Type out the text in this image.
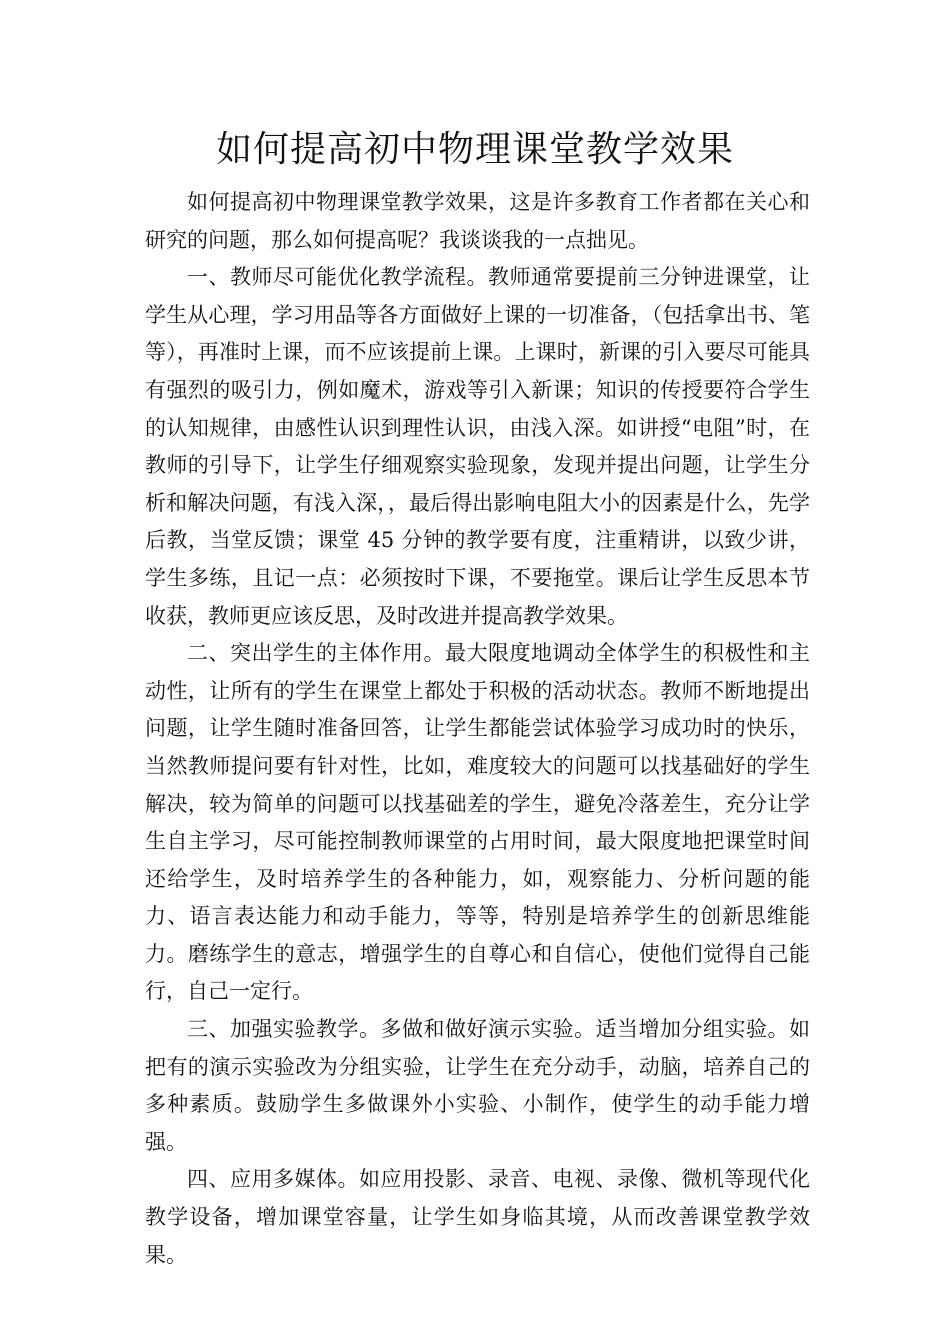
如何提高初中物理课堂教学效果

如何提高初中物理课堂教学效果，这是许多教育工作者都在关心和研究的问题，那么如何提高呢？我谈谈我的一点拙见。

一、教师尽可能优化教学流程。教师通常要提前三分钟进课堂，让学生从心理，学习用品等各方面做好上课的一切准备，（包括拿出书、笔等），再准时上课，而不应该提前上课。上课时，新课的引入要尽可能具有强烈的吸引力，例如魔术，游戏等引入新课；知识的传授要符合学生的认知规律，由感性认识到理性认识，由浅入深。如讲授“电阻”时，在教师的引导下，让学生仔细观察实验现象，发现并提出问题，让学生分析和解决问题，有浅入深，，最后得出影响电阻大小的因素是什么，先学后教，当堂反馈；课堂 45 分钟的教学要有度，注重精讲，以致少讲，学生多练，且记一点：必须按时下课，不要拖堂。课后让学生反思本节收获，教师更应该反思，及时改进并提高教学效果。

二、突出学生的主体作用。最大限度地调动全体学生的积极性和主动性，让所有的学生在课堂上都处于积极的活动状态。教师不断地提出问题，让学生随时准备回答，让学生都能尝试体验学习成功时的快乐，当然教师提问要有针对性，比如，难度较大的问题可以找基础好的学生解决，较为简单的问题可以找基础差的学生，避免冷落差生，充分让学生自主学习，尽可能控制教师课堂的占用时间，最大限度地把课堂时间还给学生，及时培养学生的各种能力，如，观察能力、分析问题的能力、语言表达能力和动手能力，等等，特别是培养学生的创新思维能力。磨练学生的意志，增强学生的自尊心和自信心，使他们觉得自己能行，自己一定行。

三、加强实验教学。多做和做好演示实验。适当增加分组实验。如把有的演示实验改为分组实验，让学生在充分动手，动脑，培养自己的多种素质。鼓励学生多做课外小实验、小制作，使学生的动手能力增强。

四、应用多媒体。如应用投影、录音、电视、录像、微机等现代化教学设备，增加课堂容量，让学生如身临其境，从而改善课堂教学效果。
